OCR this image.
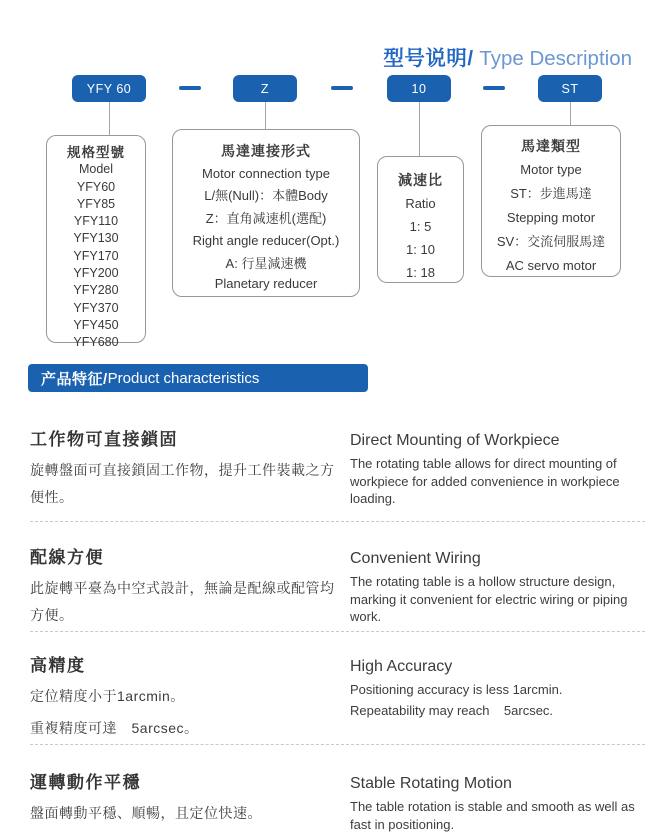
型号说明/ Type Description

YFY 60	Z	10	ST
规格型號
Model
YFY60
YFY85
YFY110
YFY130
YFY170
YFY200
YFY280
YFY370
YFY450
YFY680
馬達連接形式
Motor connection type
L/無(Null)：本體Body
Z：直角减速机(選配)
Right angle reducer(Opt.)
A: 行星減速機
Planetary reducer
減速比
Ratio
1: 5
1: 10
1: 18
馬達類型
Motor type
ST：步進馬達
Stepping motor
SV：交流伺服馬達
AC servo motor
产品特征/ Product characteristics
工作物可直接鎖固

旋轉盤面可直接鎖固工作物，提升工件裝載之方便性。

Direct Mounting of Workpiece

The rotating table allows for direct mounting of workpiece for added convenience in workpiece loading.

配線方便

此旋轉平臺為中空式設計，無論是配線或配管均方便。

Convenient Wiring

The rotating table is a hollow structure design, marking it convenient for electric wiring or piping work.

高精度

定位精度小于1arcmin。

重複精度可達　5arcsec。

High Accuracy

Positioning accuracy is less 1arcmin.

Repeatability may reach    5arcsec.

運轉動作平穩

盤面轉動平穩、順暢，且定位快速。

Stable Rotating Motion

The table rotation is stable and smooth as well as fast in positioning.
